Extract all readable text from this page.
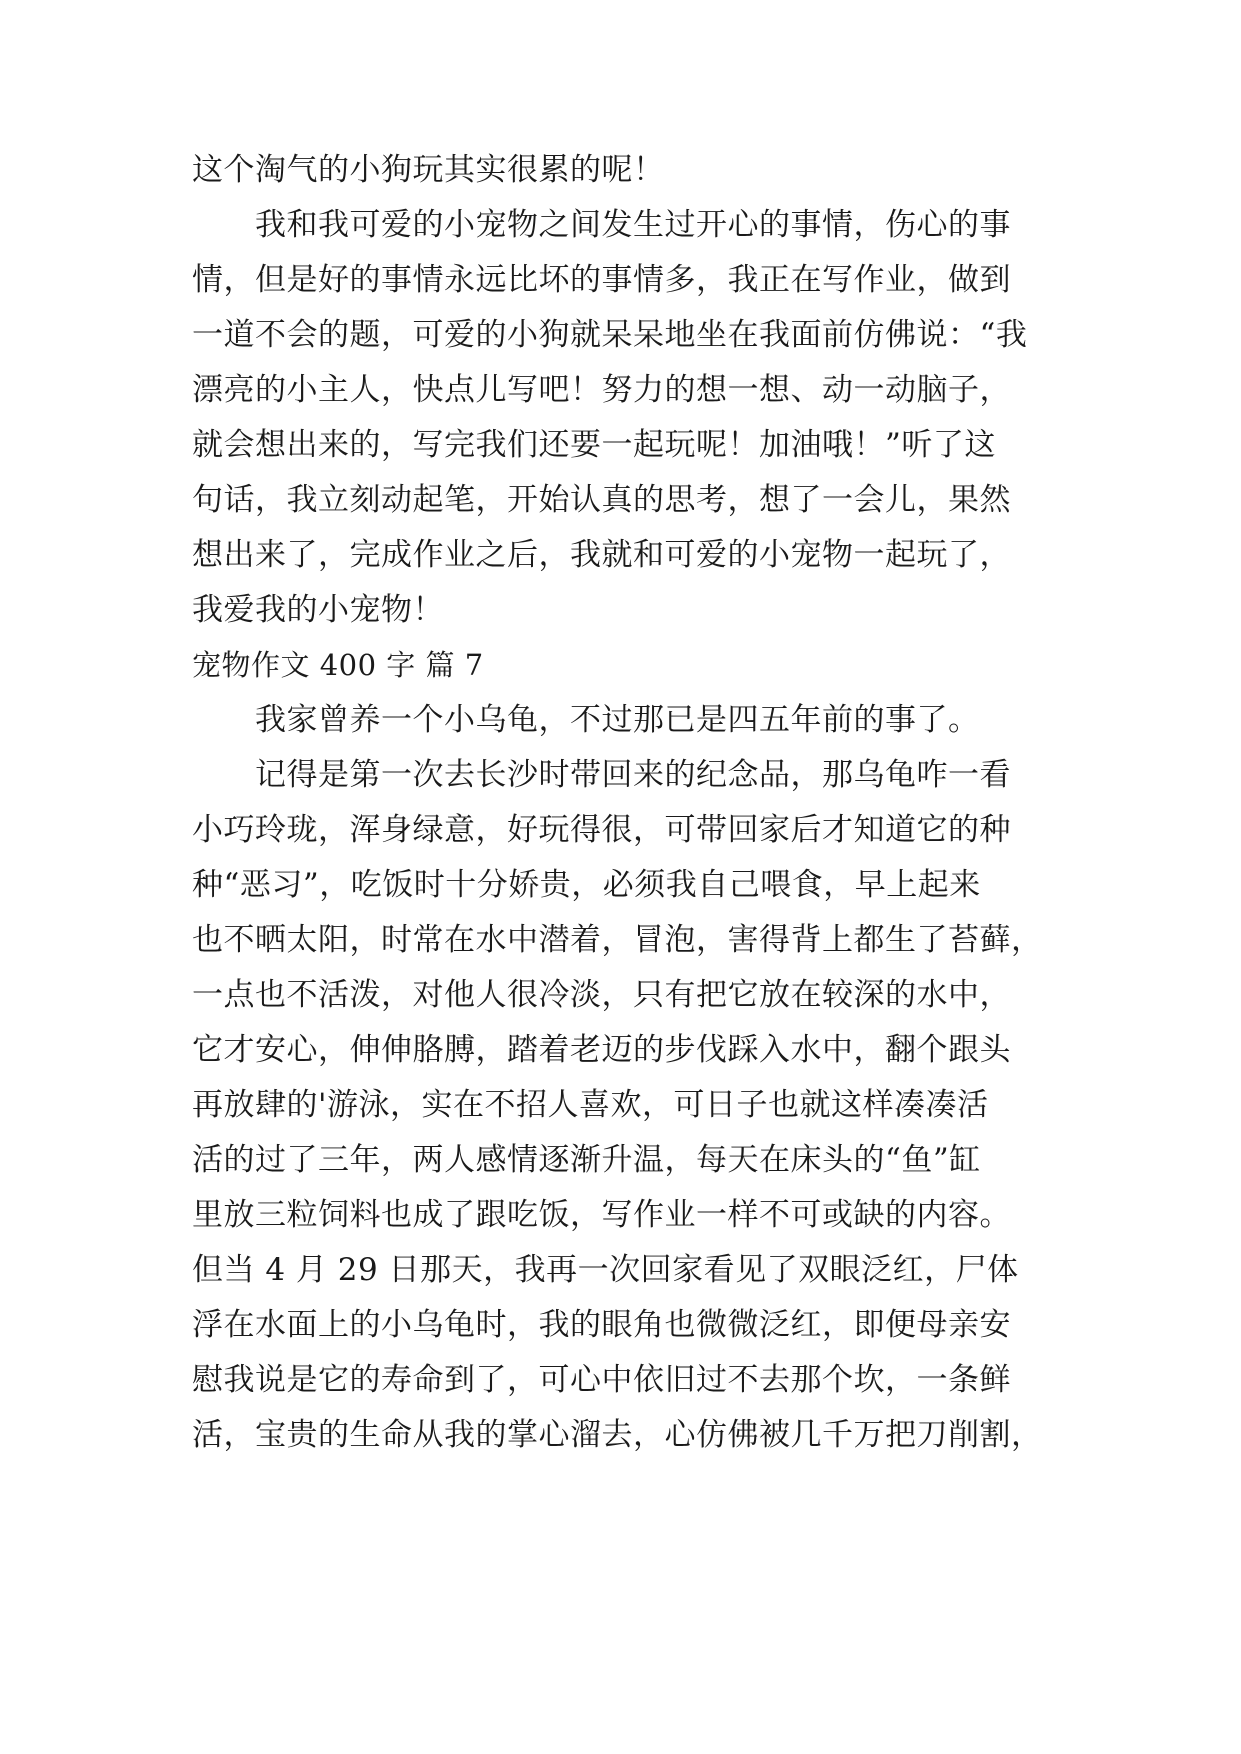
这个淘气的小狗玩其实很累的呢！
我和我可爱的小宠物之间发生过开心的事情，伤心的事
情，但是好的事情永远比坏的事情多，我正在写作业，做到
一道不会的题，可爱的小狗就呆呆地坐在我面前仿佛说：“我
漂亮的小主人，快点儿写吧！努力的想一想、动一动脑子，
就会想出来的，写完我们还要一起玩呢！加油哦！”听了这
句话，我立刻动起笔，开始认真的思考，想了一会儿，果然
想出来了，完成作业之后，我就和可爱的小宠物一起玩了，
我爱我的小宠物！
宠物作文 400 字 篇 7
我家曾养一个小乌龟，不过那已是四五年前的事了。
记得是第一次去长沙时带回来的纪念品，那乌龟咋一看
小巧玲珑，浑身绿意，好玩得很，可带回家后才知道它的种
种“恶习”，吃饭时十分娇贵，必须我自己喂食，早上起来
也不晒太阳，时常在水中潜着，冒泡，害得背上都生了苔藓，
一点也不活泼，对他人很冷淡，只有把它放在较深的水中，
它才安心，伸伸胳膊，踏着老迈的步伐踩入水中，翻个跟头
再放肆的'游泳，实在不招人喜欢，可日子也就这样凑凑活
活的过了三年，两人感情逐渐升温，每天在床头的“鱼”缸
里放三粒饲料也成了跟吃饭，写作业一样不可或缺的内容。
但当 4 月 29 日那天，我再一次回家看见了双眼泛红，尸体
浮在水面上的小乌龟时，我的眼角也微微泛红，即便母亲安
慰我说是它的寿命到了，可心中依旧过不去那个坎，一条鲜
活，宝贵的生命从我的掌心溜去，心仿佛被几千万把刀削割，
